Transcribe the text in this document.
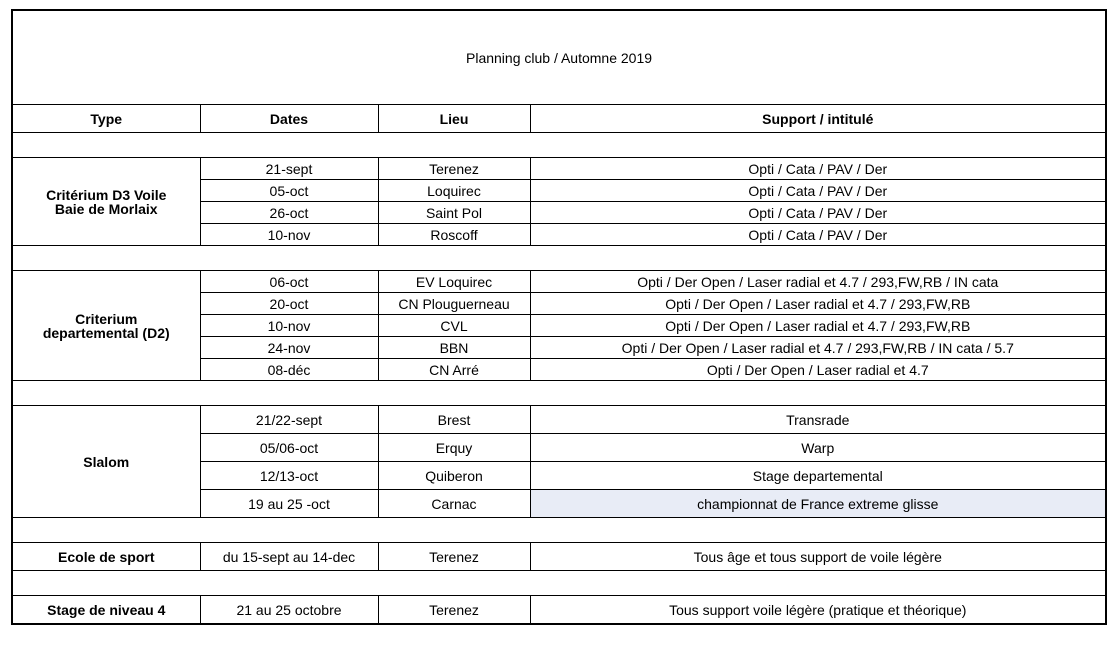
Planning club / Automne 2019			
Type	Dates	Lieu	Support / intitulé

Critérium D3 Voile
Baie de Morlaix	21-sept	Terenez	Opti / Cata / PAV / Der
	05-oct	Loquirec	Opti / Cata / PAV / Der
	26-oct	Saint Pol	Opti / Cata / PAV / Der
	10-nov	Roscoff	Opti / Cata / PAV / Der

Criterium
departemental (D2)	06-oct	EV Loquirec	Opti / Der Open / Laser radial et 4.7 / 293,FW,RB / IN cata
	20-oct	CN Plouguerneau	Opti / Der Open / Laser radial et 4.7 / 293,FW,RB
	10-nov	CVL	Opti / Der Open / Laser radial et 4.7 / 293,FW,RB
	24-nov	BBN	Opti / Der Open / Laser radial et 4.7 / 293,FW,RB / IN cata / 5.7
	08-déc	CN Arré	Opti / Der Open / Laser radial et 4.7

Slalom	21/22-sept	Brest	Transrade
	05/06-oct	Erquy	Warp
	12/13-oct	Quiberon	Stage departemental
	19 au 25 -oct	Carnac	championnat de France extreme glisse

Ecole de sport	du 15-sept au 14-dec	Terenez	Tous âge et tous support de voile légère

Stage de niveau 4	21 au 25 octobre	Terenez	Tous support voile légère (pratique et théorique)
